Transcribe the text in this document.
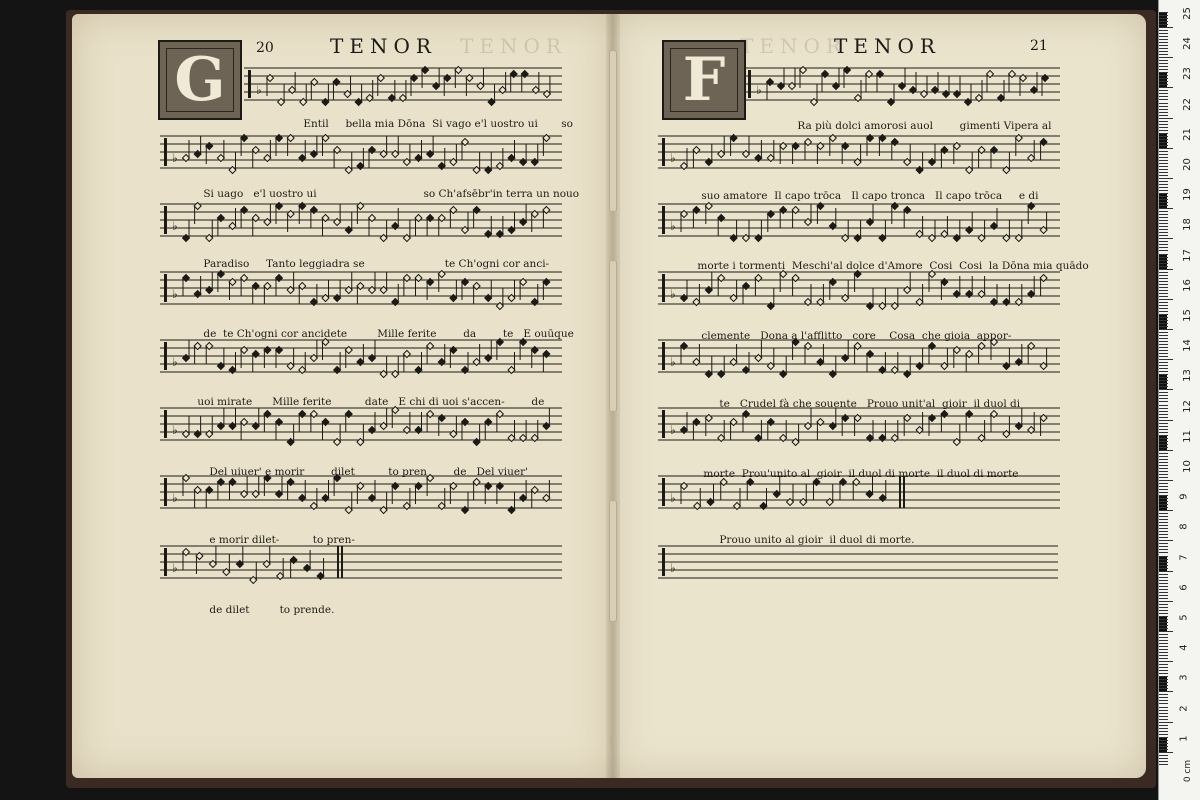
G 20	TENOR TENOR F	TENOR	21
TENOR
♭
♭
♭
♭
♭
♭
♭
♭
♭
♭
♭
♭
♭
♭
♭
♭

Entil bella mia Dōna Si vago e'l uostro ui so

Si uago e'l uostro ui	so Ch'afsēbr'in terra un nouo

Paradiso Tanto leggiadra se	te Ch'ogni cor anci-

de te Ch'ogni cor ancidete	Mille ferite	da	te E ouūque

uoi mirate Mille ferite	date E chi di uoi s'accen-	de

Del uiuer' e morir	dilet	to pren	de Del viuer'

e morir dilet-	to pren-

de dilet	to prende.

Ra più dolci amorosi auol	gimenti Vipera al

suo amatore Il capo trōca Il capo tronca Il capo trōca e di

morte i tormenti Meschi'al dolce d'Amore Cosi Cosi la Dōna mia quādo

clemente Dona a l'afflitto core Cosa che gioia appor-

te Crudel fà che souente Prouo unit'al gioir il duol di

morte Prou'unito al gioir il duol di morte il duol di morte

Prouo unito al gioir il duol di morte.

0 cm
25
24
23
22
21
20
19
18
17
16
15
14
13
12
11
10
9
8
7
6
5
4
3
2
1
